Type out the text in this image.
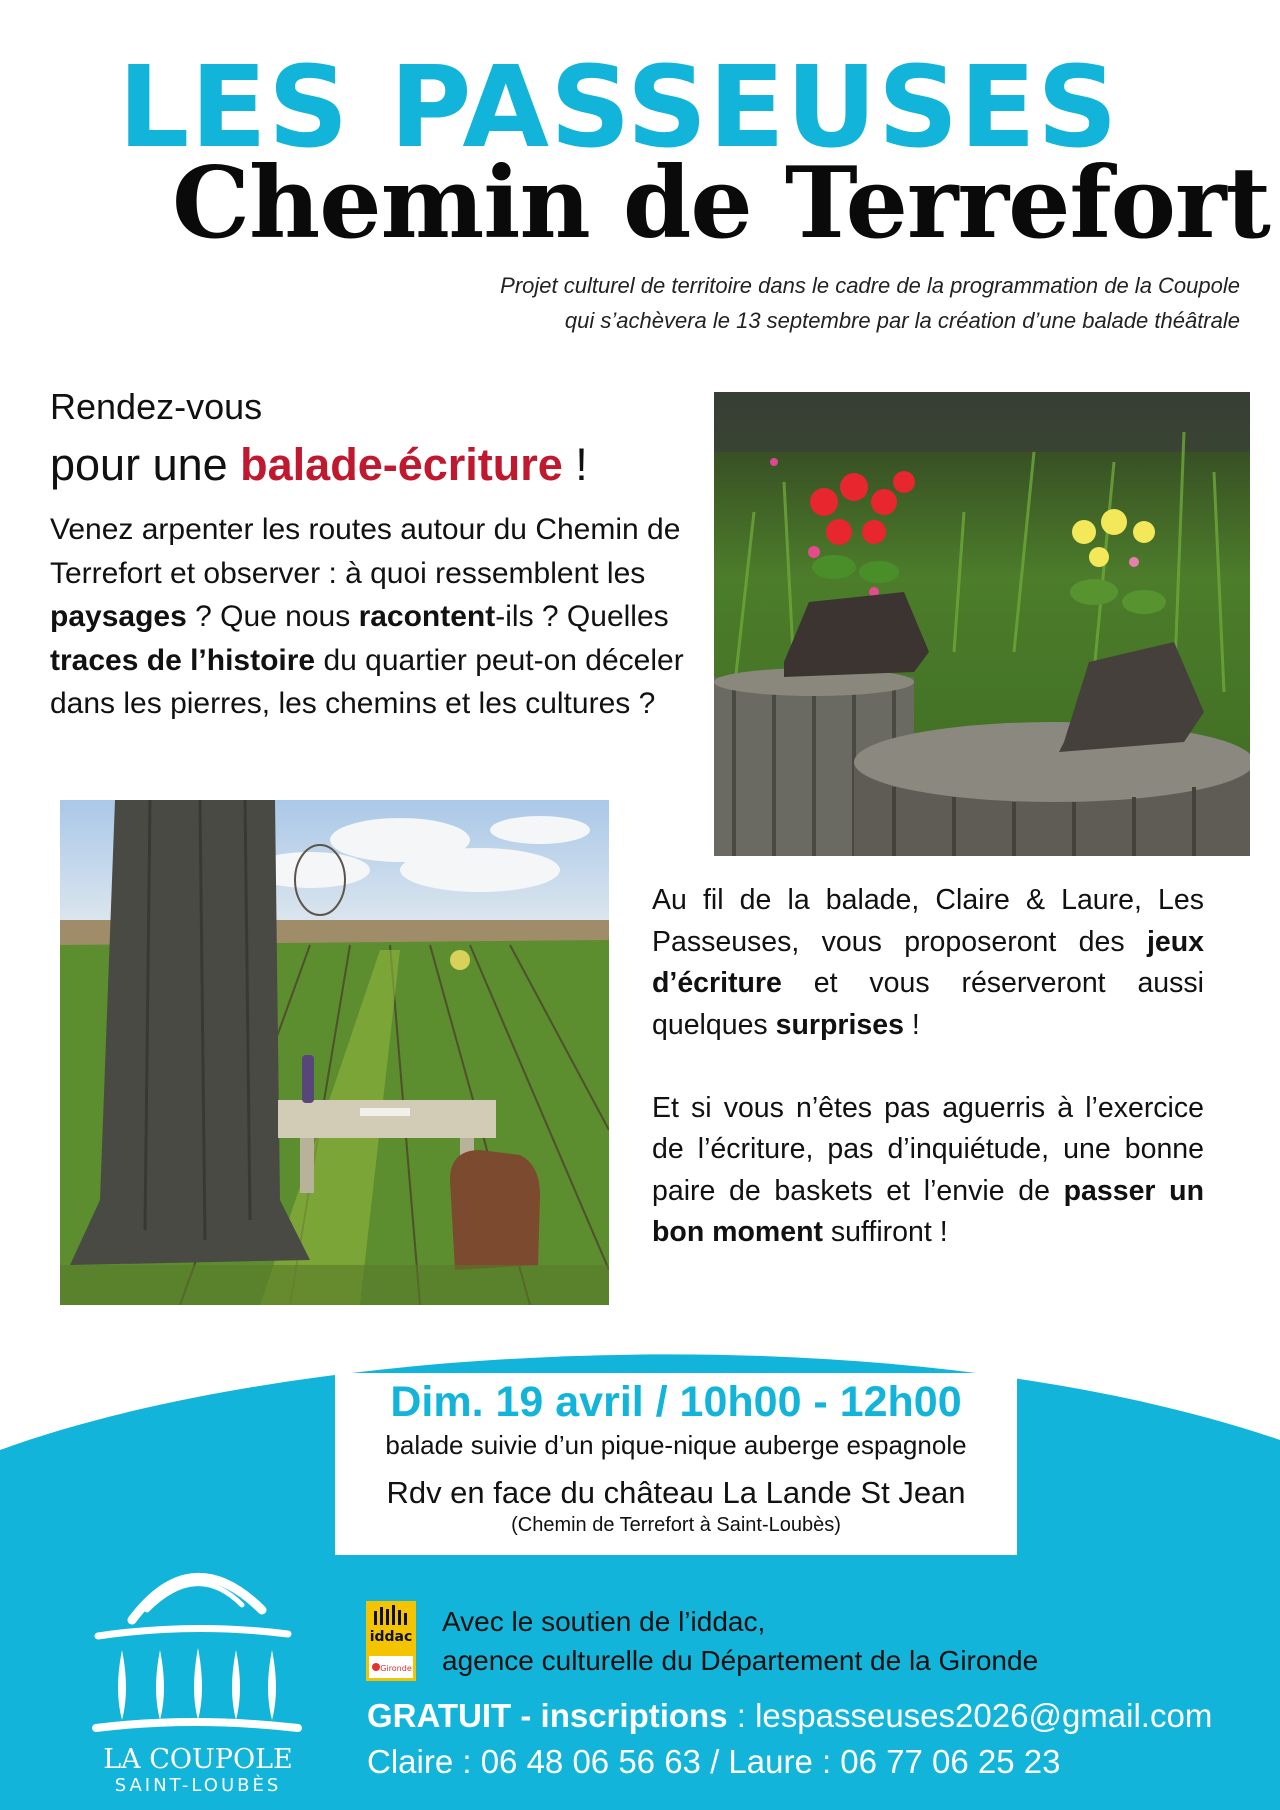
LES PASSEUSES
Chemin de Terrefort
Projet culturel de territoire dans le cadre de la programmation de la Coupole
qui s’achèvera le 13 septembre par la création d’une balade théâtrale
Rendez-vous
pour une balade-écriture !
Venez arpenter les routes autour du Chemin de Terrefort et observer : à quoi ressemblent les paysages ? Que nous racontent-ils ? Quelles traces de l’histoire du quartier peut-on déceler dans les pierres, les chemins et les cultures ?

Au fil de la balade, Claire & Laure, Les Passeuses, vous proposeront des jeux d’écriture et vous réserveront aussi quelques surprises !

Et si vous n’êtes pas aguerris à l’exercice de l’écriture, pas d’inquiétude, une bonne paire de baskets et l’envie de passer un bon moment suffiront !

Dim. 19 avril / 10h00 - 12h00
balade suivie d’un pique-nique auberge espagnole
Rdv en face du château La Lande St Jean
(Chemin de Terrefort à Saint-Loubès)
LA COUPOLE
SAINT-LOUBÈS
iddac
Gironde
Avec le soutien de l’iddac,
agence culturelle du Département de la Gironde
GRATUIT - inscriptions : lespasseuses2026@gmail.com
Claire : 06 48 06 56 63 / Laure : 06 77 06 25 23
